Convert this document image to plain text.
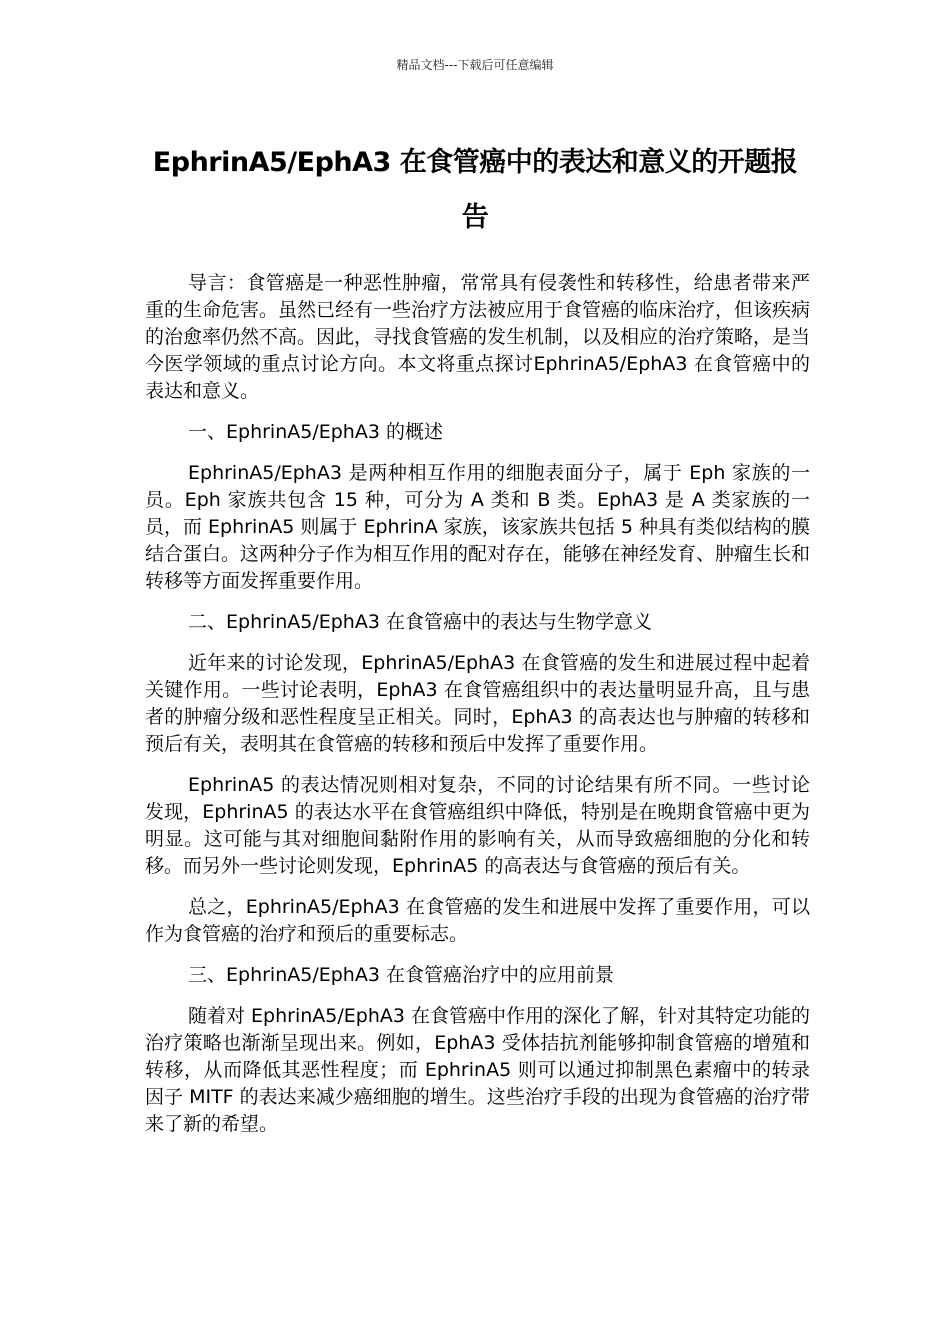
精品文档---下载后可任意编辑
EphrinA5/EphA3 在食管癌中的表达和意义的开题报告

导言：食管癌是一种恶性肿瘤，常常具有侵袭性和转移性，给患者带来严重的生命危害。虽然已经有一些治疗方法被应用于食管癌的临床治疗，但该疾病的治愈率仍然不高。因此，寻找食管癌的发生机制，以及相应的治疗策略，是当今医学领域的重点讨论方向。本文将重点探讨EphrinA5/EphA3 在食管癌中的表达和意义。

一、EphrinA5/EphA3 的概述

EphrinA5/EphA3 是两种相互作用的细胞表面分子，属于 Eph 家族的一员。Eph 家族共包含 15 种，可分为 A 类和 B 类。EphA3 是 A 类家族的一员，而 EphrinA5 则属于 EphrinA 家族，该家族共包括 5 种具有类似结构的膜结合蛋白。这两种分子作为相互作用的配对存在，能够在神经发育、肿瘤生长和转移等方面发挥重要作用。

二、EphrinA5/EphA3 在食管癌中的表达与生物学意义

近年来的讨论发现，EphrinA5/EphA3 在食管癌的发生和进展过程中起着关键作用。一些讨论表明，EphA3 在食管癌组织中的表达量明显升高，且与患者的肿瘤分级和恶性程度呈正相关。同时，EphA3 的高表达也与肿瘤的转移和预后有关，表明其在食管癌的转移和预后中发挥了重要作用。

EphrinA5 的表达情况则相对复杂，不同的讨论结果有所不同。一些讨论发现，EphrinA5 的表达水平在食管癌组织中降低，特别是在晚期食管癌中更为明显。这可能与其对细胞间黏附作用的影响有关，从而导致癌细胞的分化和转移。而另外一些讨论则发现，EphrinA5 的高表达与食管癌的预后有关。

总之，EphrinA5/EphA3 在食管癌的发生和进展中发挥了重要作用，可以作为食管癌的治疗和预后的重要标志。

三、EphrinA5/EphA3 在食管癌治疗中的应用前景

随着对 EphrinA5/EphA3 在食管癌中作用的深化了解，针对其特定功能的治疗策略也渐渐呈现出来。例如，EphA3 受体拮抗剂能够抑制食管癌的增殖和转移，从而降低其恶性程度；而 EphrinA5 则可以通过抑制黑色素瘤中的转录因子 MITF 的表达来减少癌细胞的增生。这些治疗手段的出现为食管癌的治疗带来了新的希望。
